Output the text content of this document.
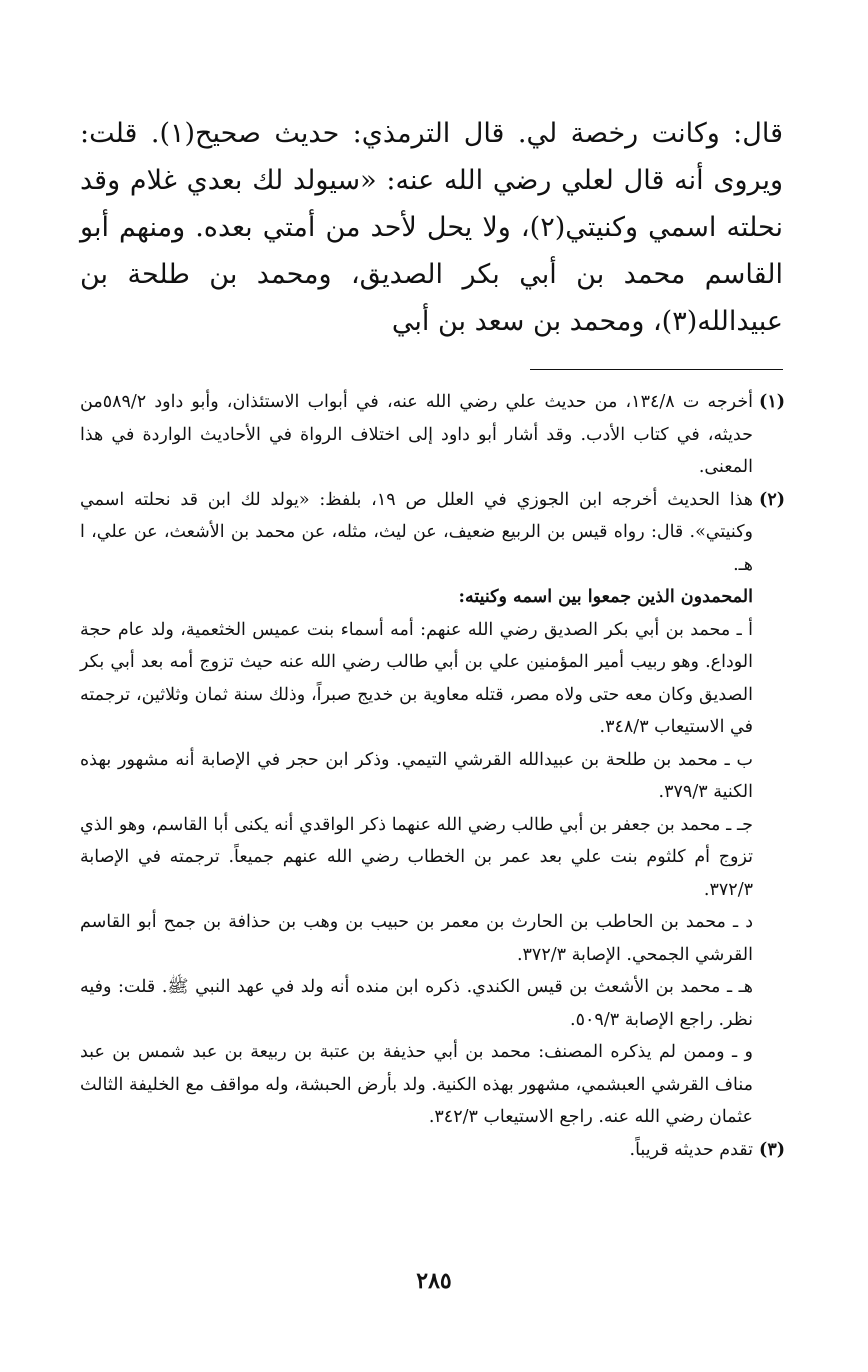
قال: وكانت رخصة لي. قال الترمذي: حديث صحيح(١). قلت: ويروى أنه قال لعلي رضي الله عنه: «سيولد لك بعدي غلام وقد نحلته اسمي وكنيتي(٢)، ولا يحل لأحد من أمتي بعده. ومنهم أبو القاسم محمد بن أبي بكر الصديق، ومحمد بن طلحة بن عبيدالله(٣)، ومحمد بن سعد بن أبي

(١)

أخرجه ت ١٣٤/٨، من حديث علي رضي الله عنه، في أبواب الاستئذان، وأبو داود ٥٨٩/٢من حديثه، في كتاب الأدب. وقد أشار أبو داود إلى اختلاف الرواة في الأحاديث الواردة في هذا المعنى.

(٢)

هذا الحديث أخرجه ابن الجوزي في العلل ص ١٩، بلفظ: «يولد لك ابن قد نحلته اسمي وكنيتي». قال: رواه قيس بن الربيع ضعيف، عن ليث، مثله، عن محمد بن الأشعث، عن علي، ا هـ.

المحمدون الذين جمعوا بين اسمه وكنيته:

أ ـ محمد بن أبي بكر الصديق رضي الله عنهم: أمه أسماء بنت عميس الخثعمية، ولد عام حجة الوداع. وهو ربيب أمير المؤمنين علي بن أبي طالب رضي الله عنه حيث تزوج أمه بعد أبي بكر الصديق وكان معه حتى ولاه مصر، قتله معاوية بن خديج صبراً، وذلك سنة ثمان وثلاثين، ترجمته في الاستيعاب ٣٤٨/٣.

ب ـ محمد بن طلحة بن عبيدالله القرشي التيمي. وذكر ابن حجر في الإصابة أنه مشهور بهذه الكنية ٣٧٩/٣.

جـ ـ محمد بن جعفر بن أبي طالب رضي الله عنهما ذكر الواقدي أنه يكنى أبا القاسم، وهو الذي تزوج أم كلثوم بنت علي بعد عمر بن الخطاب رضي الله عنهم جميعاً. ترجمته في الإصابة ٣٧٢/٣.

د ـ محمد بن الحاطب بن الحارث بن معمر بن حبيب بن وهب بن حذافة بن جمح أبو القاسم القرشي الجمحي. الإصابة ٣٧٢/٣.

هـ ـ محمد بن الأشعث بن قيس الكندي. ذكره ابن منده أنه ولد في عهد النبي ﷺ. قلت: وفيه نظر. راجع الإصابة ٥٠٩/٣.

و ـ وممن لم يذكره المصنف: محمد بن أبي حذيفة بن عتبة بن ربيعة بن عبد شمس بن عبد مناف القرشي العبشمي، مشهور بهذه الكنية. ولد بأرض الحبشة، وله مواقف مع الخليفة الثالث عثمان رضي الله عنه. راجع الاستيعاب ٣٤٢/٣.

(٣)

تقدم حديثه قريباً.

٢٨٥
